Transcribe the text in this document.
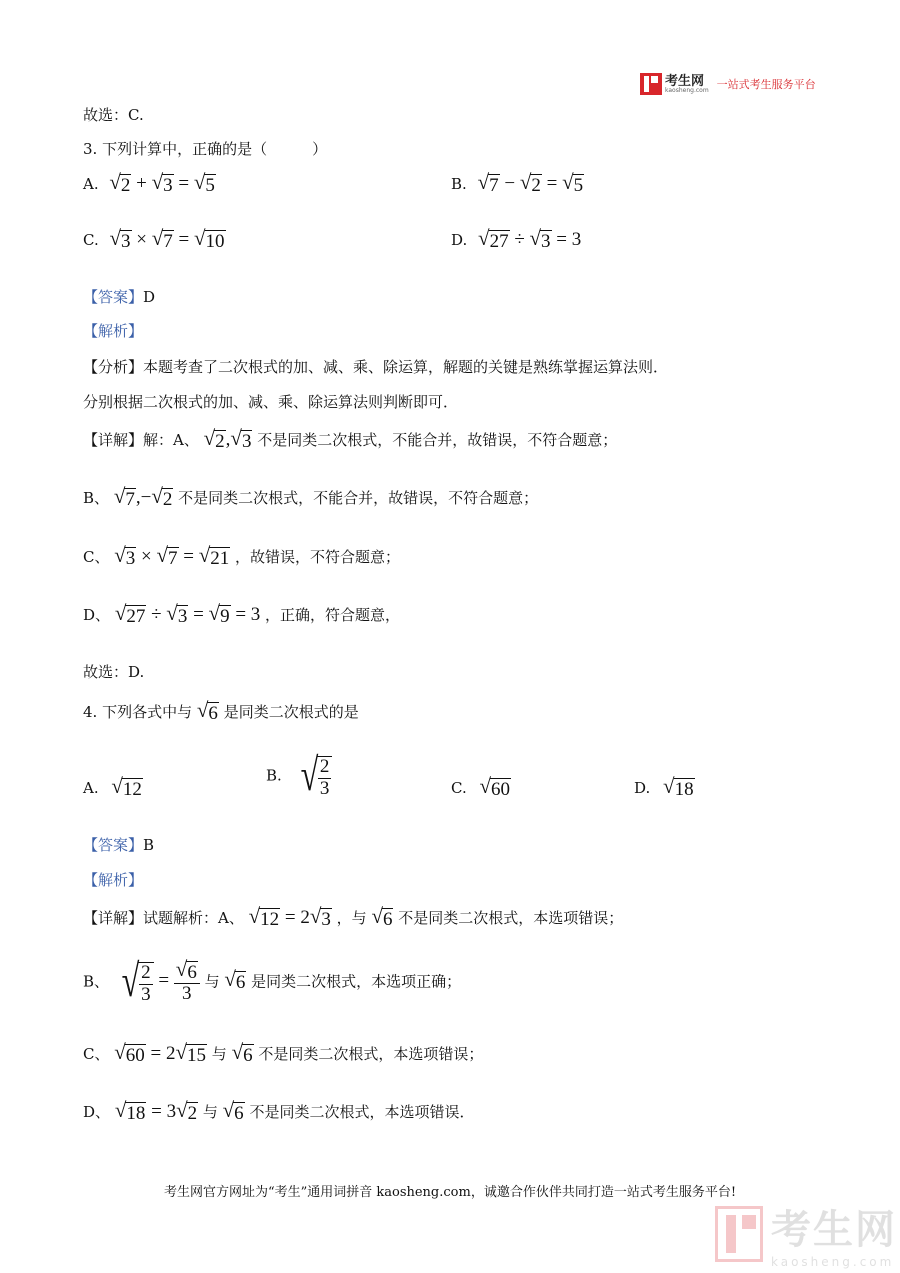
考生网
kaosheng.com 一站式考生服务平台
故选：C.
3. 下列计算中，正确的是（　　　）
A. √ 2 + √ 3 = √ 5	B. √ 7 − √ 2 = √ 5
C. √ 3 × √ 7 = √ 10	D. √ 27 ÷ √ 3 = 3
【答案】D
【解析】
【分析】本题考查了二次根式的加、减、乘、除运算，解题的关键是熟练掌握运算法则．
分别根据二次根式的加、减、乘、除运算法则判断即可．
【详解】解：A、 √ 2 , √ 3 不是同类二次根式，不能合并，故错误，不符合题意；
B、 √ 7 ,− √ 2 不是同类二次根式，不能合并，故错误，不符合题意；
C、 √ 3 × √ 7 = √ 21 ，故错误，不符合题意；
D、 √ 27 ÷ √ 3 = √ 9 = 3 ，正确，符合题意，
故选：D.
4. 下列各式中与 √ 6 是同类二次根式的是
A. √ 12
B. √ $\frac{2}{3}$	C. √ 60	D. √ 18
【答案】B
【解析】
【详解】试题解析：A、 √ 12 = 2 √ 3 ，与 √ 6 不是同类二次根式，本选项错误；
B、 √ $\frac{2}{3} = \frac{√ 6}{3}$ 与 √ 6 是同类二次根式，本选项正确；
C、 √ 60 = 2 √ 15 与 √ 6 不是同类二次根式，本选项错误；
D、 √ 18 = 3 √ 2 与 √ 6 不是同类二次根式，本选项错误．
考生网官方网址为“考生”通用词拼音 kaosheng.com，诚邀合作伙伴共同打造一站式考生服务平台!
考生网
kaosheng.com
